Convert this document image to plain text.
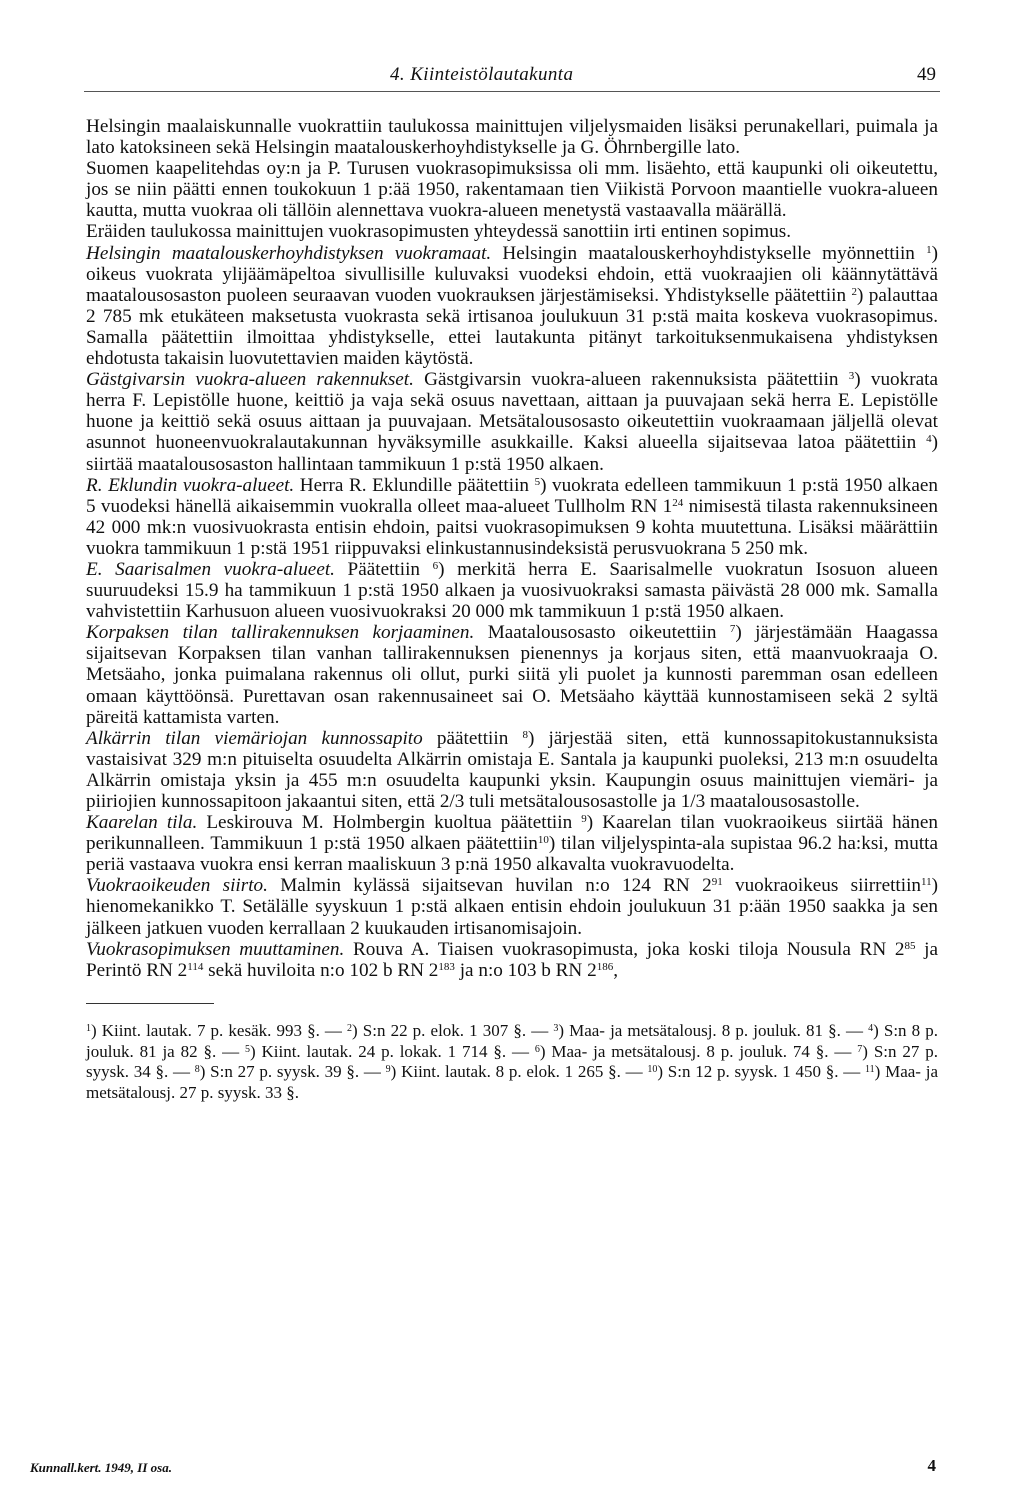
4. Kiinteistölautakunta	49

Helsingin maalaiskunnalle vuokrattiin taulukossa mainittujen viljelysmaiden lisäksi perunakellari, puimala ja lato katoksineen sekä Helsingin maatalouskerhoyhdistykselle ja G. Öhrnbergille lato.

Suomen kaapelitehdas oy:n ja P. Turusen vuokrasopimuksissa oli mm. lisäehto, että kaupunki oli oikeutettu, jos se niin päätti ennen toukokuun 1 p:ää 1950, rakentamaan tien Viikistä Porvoon maantielle vuokra-alueen kautta, mutta vuokraa oli tällöin alennettava vuokra-alueen menetystä vastaavalla määrällä.

Eräiden taulukossa mainittujen vuokrasopimusten yhteydessä sanottiin irti entinen sopimus.

Helsingin maatalouskerhoyhdistyksen vuokramaat. Helsingin maatalouskerhoyhdistykselle myönnettiin $^1$) oikeus vuokrata ylijäämäpeltoa sivullisille kuluvaksi vuodeksi ehdoin, että vuokraajien oli käännytättävä maatalousosaston puoleen seuraavan vuoden vuokrauksen järjestämiseksi. Yhdistykselle päätettiin $^2$) palauttaa 2 785 mk etukäteen maksetusta vuokrasta sekä irtisanoa joulukuun 31 p:stä maita koskeva vuokrasopimus. Samalla päätettiin ilmoittaa yhdistykselle, ettei lautakunta pitänyt tarkoituksenmukaisena yhdistyksen ehdotusta takaisin luovutettavien maiden käytöstä.

Gästgivarsin vuokra-alueen rakennukset. Gästgivarsin vuokra-alueen rakennuksista päätettiin $^3$) vuokrata herra F. Lepistölle huone, keittiö ja vaja sekä osuus navettaan, aittaan ja puuvajaan sekä herra E. Lepistölle huone ja keittiö sekä osuus aittaan ja puuvajaan. Metsätalousosasto oikeutettiin vuokraamaan jäljellä olevat asunnot huoneenvuokralautakunnan hyväksymille asukkaille. Kaksi alueella sijaitsevaa latoa päätettiin $^4$) siirtää maatalousosaston hallintaan tammikuun 1 p:stä 1950 alkaen.

R. Eklundin vuokra-alueet. Herra R. Eklundille päätettiin $^5$) vuokrata edelleen tammikuun 1 p:stä 1950 alkaen 5 vuodeksi hänellä aikaisemmin vuokralla olleet maa-alueet Tullholm RN $1^{24}$ nimisestä tilasta rakennuksineen 42 000 mk:n vuosivuokrasta entisin ehdoin, paitsi vuokrasopimuksen 9 kohta muutettuna. Lisäksi määrättiin vuokra tammikuun 1 p:stä 1951 riippuvaksi elinkustannusindeksistä perusvuokrana 5 250 mk.

E. Saarisalmen vuokra-alueet. Päätettiin $^6$) merkitä herra E. Saarisalmelle vuokratun Isosuon alueen suuruudeksi 15.9 ha tammikuun 1 p:stä 1950 alkaen ja vuosivuokraksi samasta päivästä 28 000 mk. Samalla vahvistettiin Karhusuon alueen vuosivuokraksi 20 000 mk tammikuun 1 p:stä 1950 alkaen.

Korpaksen tilan tallirakennuksen korjaaminen. Maatalousosasto oikeutettiin $^7$) järjestämään Haagassa sijaitsevan Korpaksen tilan vanhan tallirakennuksen pienennys ja korjaus siten, että maanvuokraaja O. Metsäaho, jonka puimalana rakennus oli ollut, purki siitä yli puolet ja kunnosti paremman osan edelleen omaan käyttöönsä. Purettavan osan rakennusaineet sai O. Metsäaho käyttää kunnostamiseen sekä 2 syltä päreitä kattamista varten.

Alkärrin tilan viemäriojan kunnossapito päätettiin $^8$) järjestää siten, että kunnossapitokustannuksista vastaisivat 329 m:n pituiselta osuudelta Alkärrin omistaja E. Santala ja kaupunki puoleksi, 213 m:n osuudelta Alkärrin omistaja yksin ja 455 m:n osuudelta kaupunki yksin. Kaupungin osuus mainittujen viemäri- ja piiriojien kunnossapitoon jakaantui siten, että 2/3 tuli metsätalousosastolle ja 1/3 maatalousosastolle.

Kaarelan tila. Leskirouva M. Holmbergin kuoltua päätettiin $^9$) Kaarelan tilan vuokraoikeus siirtää hänen perikunnalleen. Tammikuun 1 p:stä 1950 alkaen päätettiin$^{10}$) tilan viljelyspinta-ala supistaa 96.2 ha:ksi, mutta periä vastaava vuokra ensi kerran maaliskuun 3 p:nä 1950 alkavalta vuokravuodelta.

Vuokraoikeuden siirto. Malmin kylässä sijaitsevan huvilan n:o 124 RN $2^{91}$ vuokraoikeus siirrettiin$^{11}$) hienomekanikko T. Setälälle syyskuun 1 p:stä alkaen entisin ehdoin joulukuun 31 p:ään 1950 saakka ja sen jälkeen jatkuen vuoden kerrallaan 2 kuukauden irtisanomisajoin.

Vuokrasopimuksen muuttaminen. Rouva A. Tiaisen vuokrasopimusta, joka koski tiloja Nousula RN $2^{85}$ ja Perintö RN $2^{114}$ sekä huviloita n:o 102 b RN $2^{183}$ ja n:o 103 b RN $2^{186}$,

$^1$) Kiint. lautak. 7 p. kesäk. 993 §. — $^2$) S:n 22 p. elok. 1 307 §. — $^3$) Maa- ja metsätalousj. 8 p. jouluk. 81 §. — $^4$) S:n 8 p. jouluk. 81 ja 82 §. — $^5$) Kiint. lautak. 24 p. lokak. 1 714 §. — $^6$) Maa- ja metsätalousj. 8 p. jouluk. 74 §. — $^7$) S:n 27 p. syysk. 34 §. — $^8$) S:n 27 p. syysk. 39 §. — $^9$) Kiint. lautak. 8 p. elok. 1 265 §. — $^{10}$) S:n 12 p. syysk. 1 450 §. — $^{11}$) Maa- ja metsätalousj. 27 p. syysk. 33 §.
Kunnall.kert. 1949, II osa.	4
